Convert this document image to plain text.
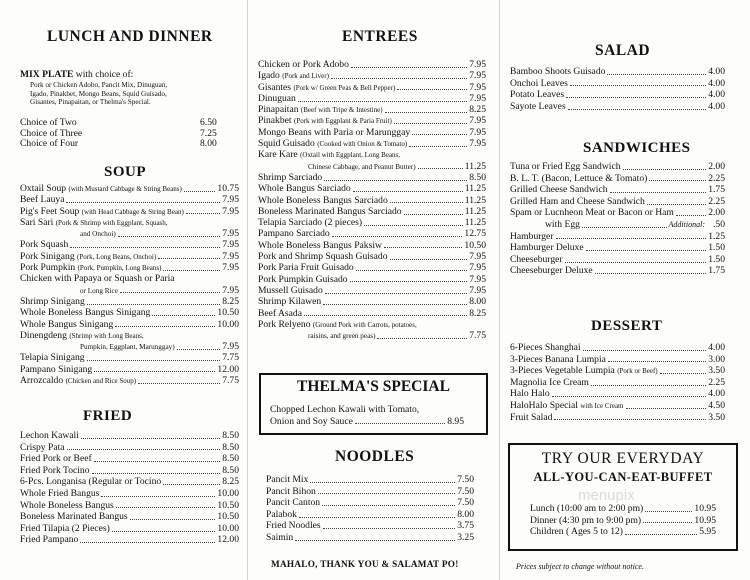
LUNCH AND DINNER
MIX PLATE with choice of:
Pork or Chicken Adobo, Pancit Mix, Dinuguan,
Igado, Pinakbet, Mongo Beans, Squid Guisado,
Gisantes, Pinapaitan, or Thelma's Special.
Choice of Two	6.50
Choice of Three	7.25
Choice of Four	8.00
SOUP
Oxtail Soup (with Mustard Cabbage & String Beans)	10.75
Beef Lauya	7.95
Pig's Feet Soup (with Head Cabbage & String Bean)	7.95
Sari Sari (Pork & Shrimp with Eggplant, Squash,
and Onchoi)	7.95
Pork Squash	7.95
Pork Sinigang (Pork, Long Beans, Onchoi)	7.95
Pork Pumpkin (Pork, Pumpkin, Long Beans)	7.95
Chicken with Papaya or Squash or Paria
or Long Rice	7.95
Shrimp Sinigang	8.25
Whole Boneless Bangus Sinigang	10.50
Whole Bangus Sinigang	10.00
Dinengdeng (Shrimp with Long Beans,
Pumpkin, Eggplant, Marunggay)	7.95
Telapia Sinigang	7.75
Pampano Sinigang	12.00
Arrozcaldo (Chicken and Rice Soup)	7.75
FRIED
Lechon Kawali	8.50
Crispy Pata	8.50
Fried Pork or Beef	8.50
Fried Pork Tocino	8.50
6-Pcs. Longanisa (Regular or Tocino	8.25
Whole Fried Bangus	10.00
Whole Boneless Bangus	10.50
Boneless Marinated Bangus	10.50
Fried Tilapia (2 Pieces)	10.00
Fried Pampano	12.00
ENTREES
Chicken or Pork Adobo	7.95
Igado (Pork and Liver)	7.95
Gisantes (Pork w/ Green Peas & Bell Pepper)	7.95
Dinuguan	7.95
Pinapaitan (Beef with Tripe & Intestine)	8.25
Pinakbet (Pork with Eggplant & Paria Fruit)	7.95
Mongo Beans with Paria or Marunggay	7.95
Squid Guisado (Cooked with Onion & Tomato)	7.95
Kare Kare (Oxtail with Eggplant, Long Beans,
Chinese Cabbage, and Peanut Butter)	11.25
Shrimp Sarciado	8.50
Whole Bangus Sarciado	11.25
Whole Boneless Bangus Sarciado	11.25
Boneless Marinated Bangus Sarciado	11.25
Telapia Sarciado (2 pieces)	11.25
Pampano Sarciado	12.75
Whole Boneless Bangus Paksiw	10.50
Pork and Shrimp Squash Guisado	7.95
Pork Paria Fruit Guisado	7.95
Pork Pumpkin Guisado	7.95
Mussell Guisado	7.95
Shrimp Kilawen	8.00
Beef Asada	8.25
Pork Relyeno (Ground Pork with Carrots, potatoes,
raisins, and green peas)	7.75
THELMA'S SPECIAL
Chopped Lechon Kawali with Tomato,
Onion and Soy Sauce	8.95
NOODLES
Pancit Mix	7.50
Pancit Bihon	7.50
Pancit Canton	7.50
Palabok	8.00
Fried Noodles	3.75
Saimin	3.25
MAHALO, THANK YOU & SALAMAT PO!
SALAD
Bamboo Shoots Guisado	4.00
Onchoi Leaves	4.00
Potato Leaves	4.00
Sayote Leaves	4.00
SANDWICHES
Tuna or Fried Egg Sandwich	2.00
B. L. T. (Bacon, Lettuce & Tomato)	2.25
Grilled Cheese Sandwich	1.75
Grilled Ham and Cheese Sandwich	2.25
Spam or Lucnheon Meat or Bacon or Ham	2.00
with Egg	Additional: .50
Hamburger	1.25
Hamburger Deluxe	1.50
Cheeseburger	1.50
Cheeseburger Deluxe	1.75
DESSERT
6-Pieces Shanghai	4.00
3-Pieces Banana Lumpia	3.00
3-Pieces Vegetable Lumpia (Pork or Beef)	3.50
Magnolia Ice Cream	2.25
Halo Halo	4.00
HaloHalo Special with Ice Cream	4.50
Fruit Salad	3.50
TRY OUR EVERYDAY
ALL-YOU-CAN-EAT-BUFFET
menupix
Lunch (10:00 am to 2:00 pm)	10.95
Dinner (4:30 pm to 9:00 pm)	10.95
Children ( Ages 5 to 12)	5.95
Prices subject to change without notice.
